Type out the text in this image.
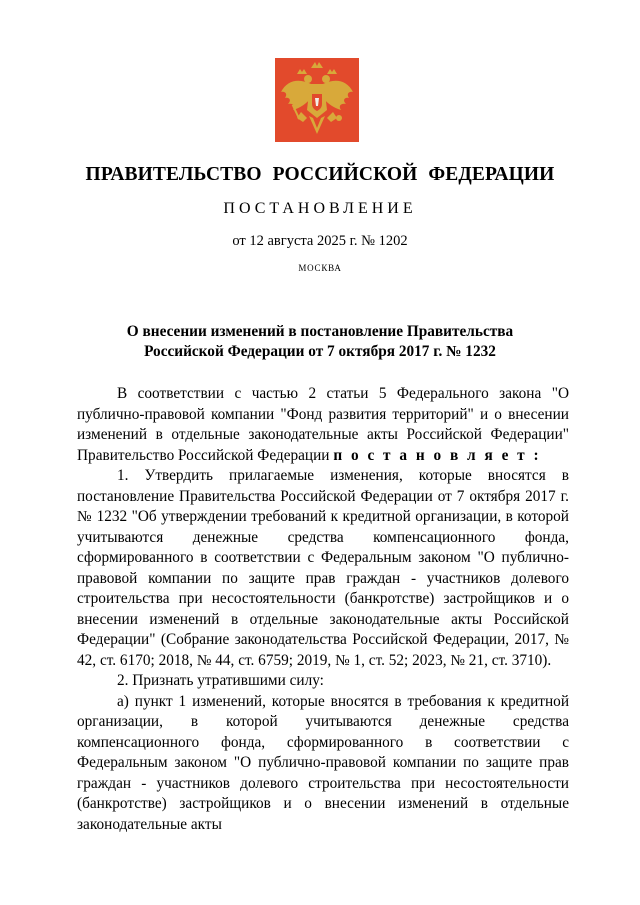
ПРАВИТЕЛЬСТВО РОССИЙСКОЙ ФЕДЕРАЦИИ
ПОСТАНОВЛЕНИЕ
от 12 августа 2025 г. № 1202
МОСКВА
О внесении изменений в постановление Правительства
Российской Федерации от 7 октября 2017 г. № 1232

В соответствии с частью 2 статьи 5 Федерального закона "О публично-правовой компании "Фонд развития территорий" и о внесении изменений в отдельные законодательные акты Российской Федерации" Правительство Российской Федерации п о с т а н о в л я е т :

1. Утвердить прилагаемые изменения, которые вносятся в постановление Правительства Российской Федерации от 7 октября 2017 г. № 1232 "Об утверждении требований к кредитной организации, в которой учитываются денежные средства компенсационного фонда, сформированного в соответствии с Федеральным законом "О публично-правовой компании по защите прав граждан - участников долевого строительства при несостоятельности (банкротстве) застройщиков и о внесении изменений в отдельные законодательные акты Российской Федерации" (Собрание законодательства Российской Федерации, 2017, № 42, ст. 6170; 2018, № 44, ст. 6759; 2019, № 1, ст. 52; 2023, № 21, ст. 3710).

2. Признать утратившими силу:

а) пункт 1 изменений, которые вносятся в требования к кредитной организации, в которой учитываются денежные средства компенсационного фонда, сформированного в соответствии с Федеральным законом "О публично-правовой компании по защите прав граждан - участников долевого строительства при несостоятельности (банкротстве) застройщиков и о внесении изменений в отдельные законодательные акты
